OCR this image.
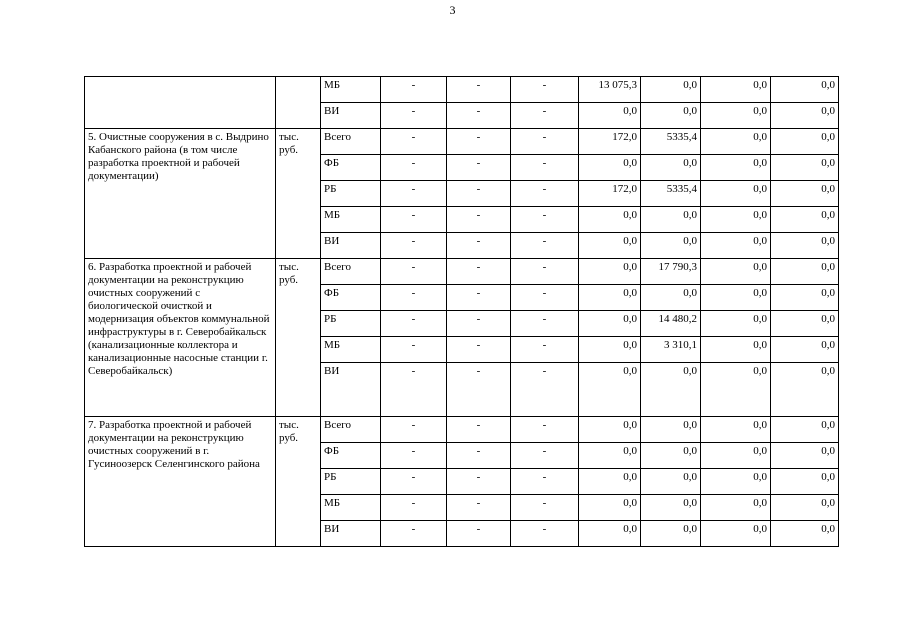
3
		МБ	-	-	-	13 075,3	0,0	0,0	0,0
		ВИ	-	-	-	0,0	0,0	0,0	0,0
5. Очистные сооружения в с. Выдрино Кабанского района (в том числе разработка проектной и рабочей документации)	тыс. руб.	Всего	-	-	-	172,0	5335,4	0,0	0,0
		ФБ	-	-	-	0,0	0,0	0,0	0,0
		РБ	-	-	-	172,0	5335,4	0,0	0,0
		МБ	-	-	-	0,0	0,0	0,0	0,0
		ВИ	-	-	-	0,0	0,0	0,0	0,0
6. Разработка проектной и рабочей документации на реконструкцию очистных сооружений с биологической очисткой и модернизация объектов коммунальной инфраструктуры в г. Северобайкальск (канализационные коллектора и канализационные насосные станции г. Северобайкальск)	тыс. руб.	Всего	-	-	-	0,0	17 790,3	0,0	0,0
		ФБ	-	-	-	0,0	0,0	0,0	0,0
		РБ	-	-	-	0,0	14 480,2	0,0	0,0
		МБ	-	-	-	0,0	3 310,1	0,0	0,0
		ВИ	-	-	-	0,0	0,0	0,0	0,0
7. Разработка проектной и рабочей документации на реконструкцию очистных сооружений в г. Гусиноозерск Селенгинского района	тыс. руб.	Всего	-	-	-	0,0	0,0	0,0	0,0
		ФБ	-	-	-	0,0	0,0	0,0	0,0
		РБ	-	-	-	0,0	0,0	0,0	0,0
		МБ	-	-	-	0,0	0,0	0,0	0,0
		ВИ	-	-	-	0,0	0,0	0,0	0,0
